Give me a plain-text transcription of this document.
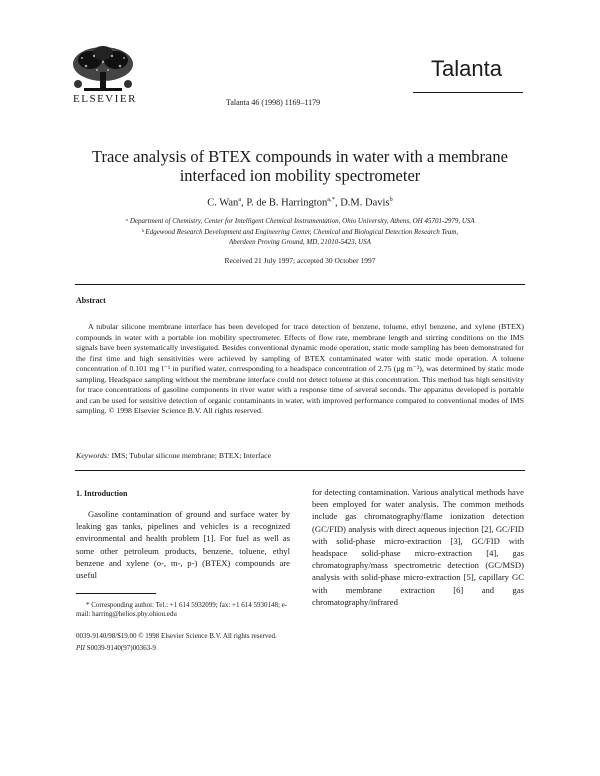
ELSEVIER	Talanta 46 (1998) 1169–1179
Talanta
Trace analysis of BTEX compounds in water with a membrane
interfaced ion mobility spectrometer
C. Wan$^a$, P. de B. Harrington$^{a,*}$, D.M. Davis$^b$
ᵃ Department of Chemistry, Center for Intelligent Chemical Instrumentation, Ohio University, Athens, OH 45701-2979, USA
ᵇ Edgewood Research Development and Engineering Center, Chemical and Biological Detection Research Team,
Aberdeen Proving Ground, MD, 21010-5423, USA
Received 21 July 1997; accepted 30 October 1997
Abstract
A tubular silicone membrane interface has been developed for trace detection of benzene, toluene, ethyl benzene, and xylene (BTEX) compounds in water with a portable ion mobility spectrometer. Effects of flow rate, membrane length and stirring conditions on the IMS signals have been systematically investigated. Besides conventional dynamic mode operation, static mode sampling has been demonstrated for the first time and high sensitivities were achieved by sampling of BTEX contaminated water with static mode operation. A toluene concentration of 0.101 mg l⁻¹ in purified water, corresponding to a headspace concentration of 2.75 (μg m⁻³), was determined by static mode sampling. Headspace sampling without the membrane interface could not detect toluene at this concentration. This method has high sensitivity for trace concentrations of gasoline components in river water with a response time of several seconds. The apparatus developed is portable and can be used for sensitive detection of organic contaminants in water, with improved performance compared to conventional modes of IMS sampling. © 1998 Elsevier Science B.V. All rights reserved.
Keywords: IMS; Tubular silicone membrane; BTEX; Interface
1. Introduction
Gasoline contamination of ground and surface water by leaking gas tanks, pipelines and vehicles is a recognized environmental and health problem [1]. For fuel as well as some other petroleum products, benzene, toluene, ethyl benzene and xylene (o-, m-, p-) (BTEX) compounds are useful
for detecting contamination. Various analytical methods have been employed for water analysis. The common methods include gas chromatography/flame ionization detection (GC/FID) analysis with direct aqueous injection [2], GC/FID with solid-phase micro-extraction [3], GC/FID with headspace solid-phase micro-extraction [4], gas chromatography/mass spectrometric detection (GC/MSD) analysis with solid-phase micro-extraction [5], capillary GC with membrane extraction [6] and gas chromatography/infrared
* Corresponding author. Tel.: +1 614 5932099; fax: +1 614 5930148; e-mail: harring@helios.phy.ohiou.edu
0039-9140/98/$19.00 © 1998 Elsevier Science B.V. All rights reserved.
PII S0039-9140(97)00363-9
